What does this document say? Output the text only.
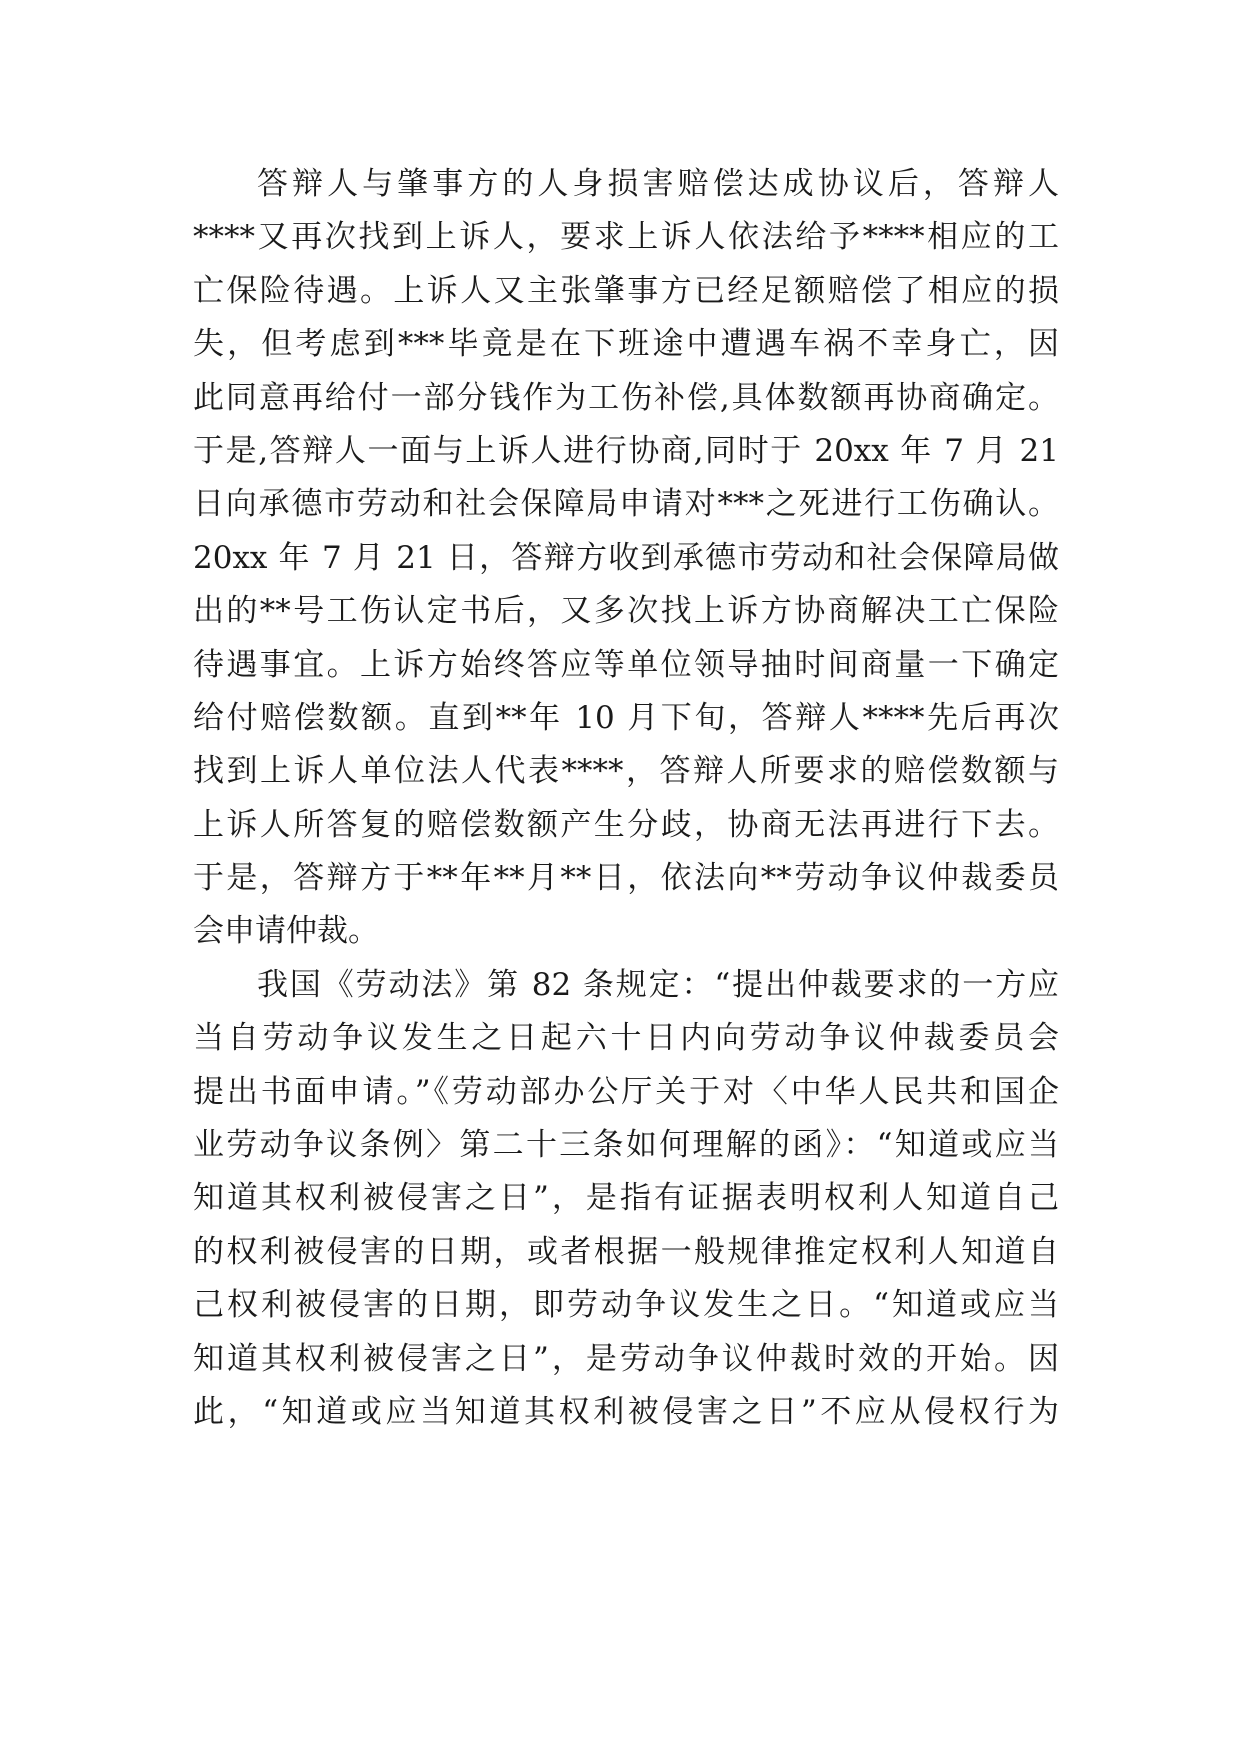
答辩人与肇事方的人身损害赔偿达成协议后，答辩人
****又再次找到上诉人，要求上诉人依法给予****相应的工
亡保险待遇。上诉人又主张肇事方已经足额赔偿了相应的损
失，但考虑到***毕竟是在下班途中遭遇车祸不幸身亡，因
此同意再给付一部分钱作为工伤补偿,具体数额再协商确定。
于是,答辩人一面与上诉人进行协商,同时于 20xx 年 7 月 21
日向承德市劳动和社会保障局申请对***之死进行工伤确认。
20xx 年 7 月 21 日，答辩方收到承德市劳动和社会保障局做
出的**号工伤认定书后，又多次找上诉方协商解决工亡保险
待遇事宜。上诉方始终答应等单位领导抽时间商量一下确定
给付赔偿数额。直到**年 10 月下旬，答辩人****先后再次
找到上诉人单位法人代表****，答辩人所要求的赔偿数额与
上诉人所答复的赔偿数额产生分歧，协商无法再进行下去。
于是，答辩方于**年**月**日，依法向**劳动争议仲裁委员
会申请仲裁。
我国《劳动法》第 82 条规定：“提出仲裁要求的一方应
当自劳动争议发生之日起六十日内向劳动争议仲裁委员会
提出书面申请。”《劳动部办公厅关于对〈中华人民共和国企
业劳动争议条例〉第二十三条如何理解的函》：“知道或应当
知道其权利被侵害之日”，是指有证据表明权利人知道自己
的权利被侵害的日期，或者根据一般规律推定权利人知道自
己权利被侵害的日期，即劳动争议发生之日。“知道或应当
知道其权利被侵害之日”，是劳动争议仲裁时效的开始。因
此，“知道或应当知道其权利被侵害之日”不应从侵权行为
